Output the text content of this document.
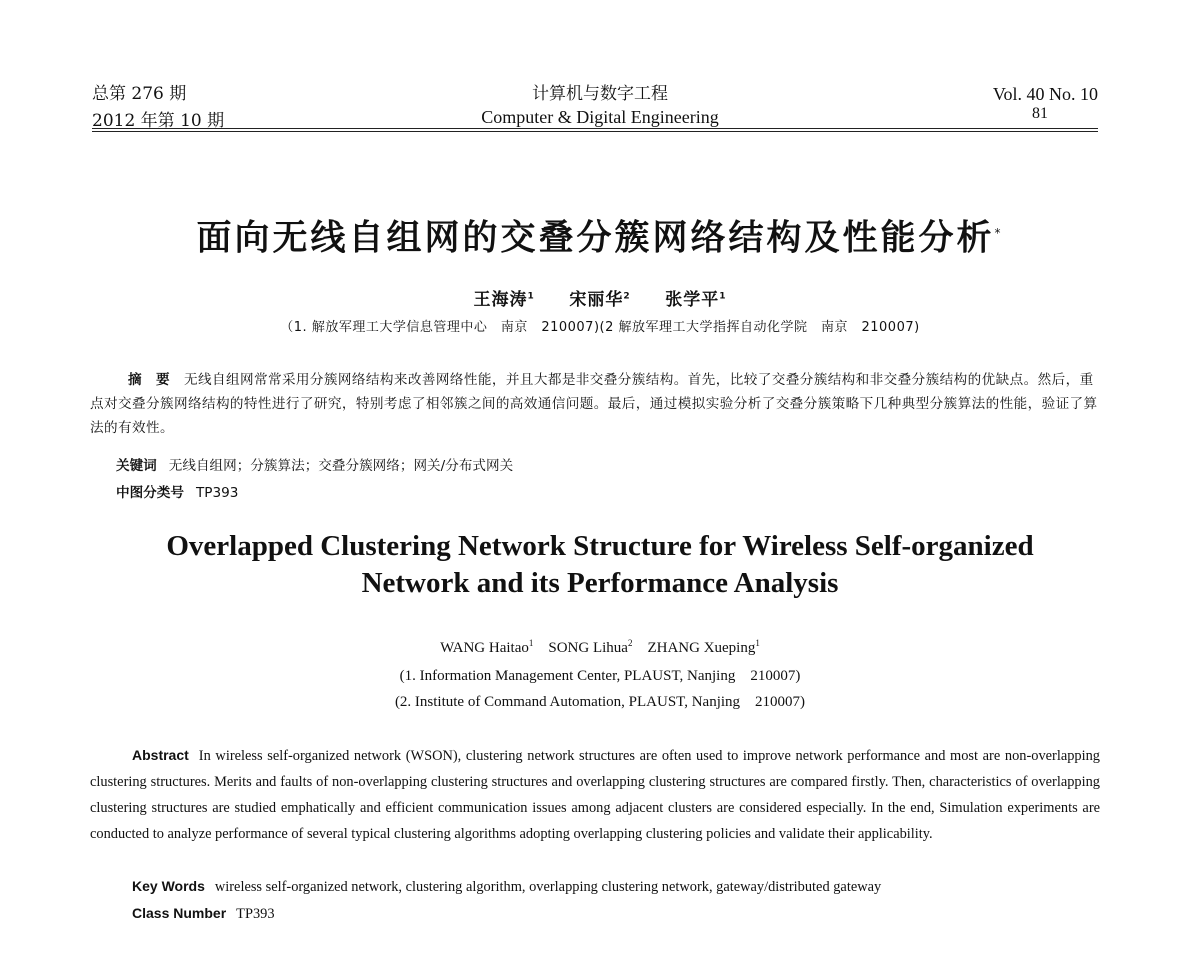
总第 276 期
2012 年第 10 期
计算机与数字工程
Computer & Digital Engineering
Vol. 40 No. 10
81
面向无线自组网的交叠分簇网络结构及性能分析*
王海涛$^1$ 宋丽华$^2$ 张学平$^1$
（1. 解放军理工大学信息管理中心　南京　210007)(2 解放军理工大学指挥自动化学院　南京　210007)
摘　要 无线自组网常常采用分簇网络结构来改善网络性能，并且大都是非交叠分簇结构。首先，比较了交叠分簇结构和非交叠分簇结构的优缺点。然后，重点对交叠分簇网络结构的特性进行了研究，特别考虑了相邻簇之间的高效通信问题。最后，通过模拟实验分析了交叠分簇策略下几种典型分簇算法的性能，验证了算法的有效性。
关键词 无线自组网；分簇算法；交叠分簇网络；网关/分布式网关
中图分类号 TP393
Overlapped Clustering Network Structure for Wireless Self-organized
Network and its Performance Analysis
WANG Haitao$^1$ SONG Lihua$^2$ ZHANG Xueping$^1$
(1. Information Management Center, PLAUST, Nanjing　210007)
(2. Institute of Command Automation, PLAUST, Nanjing　210007)
Abstract In wireless self-organized network (WSON), clustering network structures are often used to improve network performance and most are non-overlapping clustering structures. Merits and faults of non-overlapping clustering structures and overlapping clustering structures are compared firstly. Then, characteristics of overlapping clustering structures are studied emphatically and efficient communication issues among adjacent clusters are considered especially. In the end, Simulation experiments are conducted to analyze performance of several typical clustering algorithms adopting overlapping clustering policies and validate their applicability.
Key Words wireless self-organized network, clustering algorithm, overlapping clustering network, gateway/distributed gateway
Class Number TP393
